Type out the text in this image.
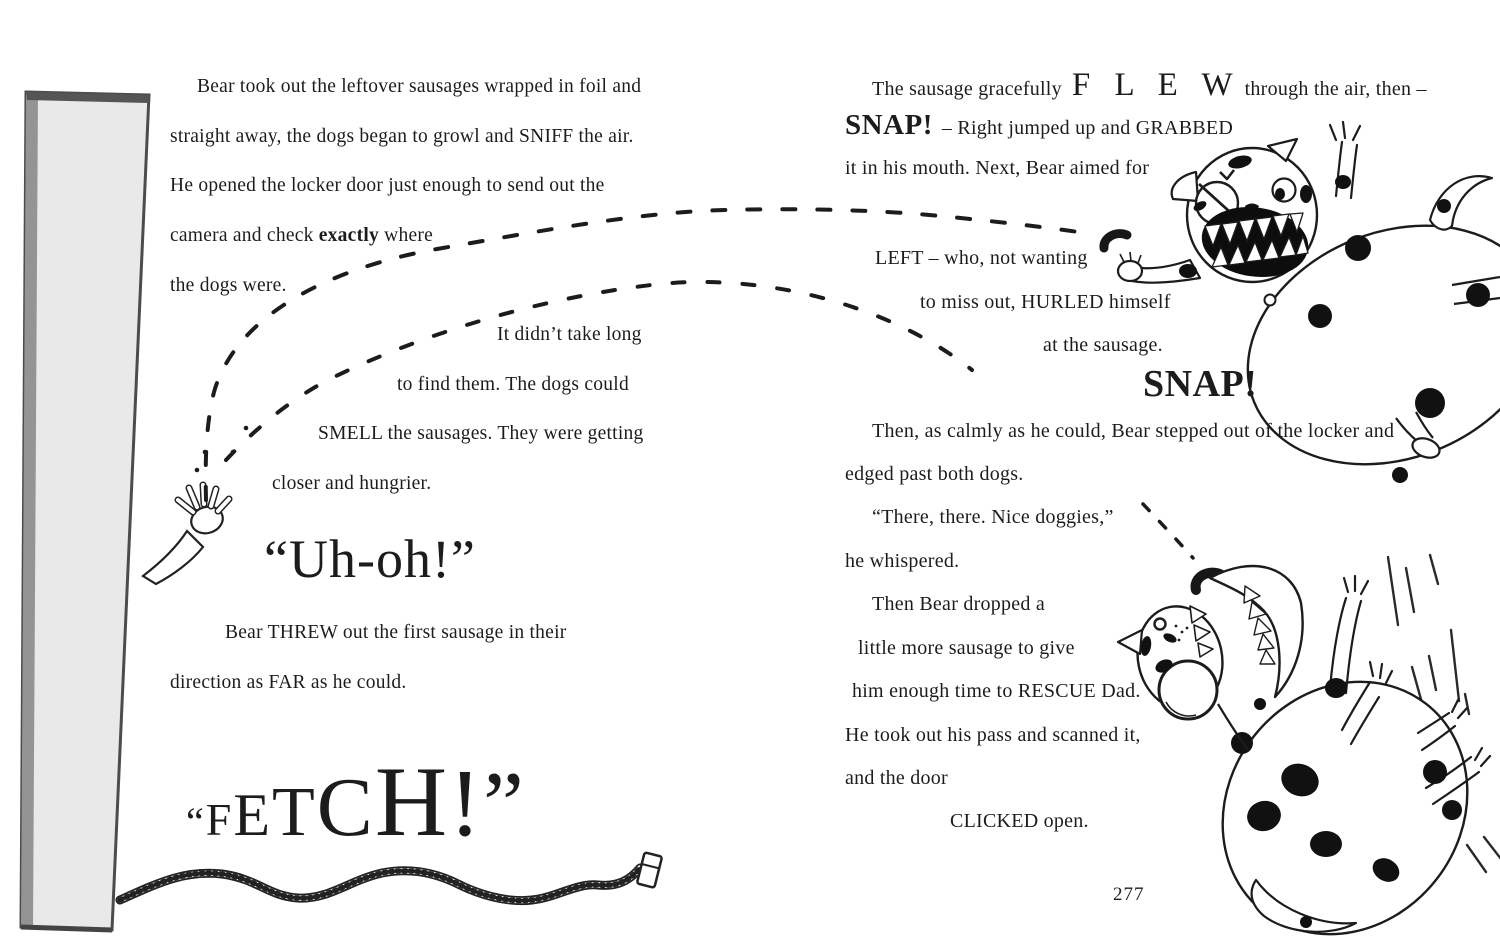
Bear took out the leftover sausages wrapped in foil and
straight away, the dogs began to growl and SNIFF the air.
He opened the locker door just enough to send out the
camera and check exactly where
the dogs were.
It didn’t take long
to find them. The dogs could
SMELL the sausages. They were getting
closer and hungrier.
“Uh-oh!”
Bear THREW out the first sausage in their
direction as FAR as he could.
“FETCH!”
The sausage gracefully F L E W through the air, then –
SNAP! – Right jumped up and GRABBED
it in his mouth. Next, Bear aimed for
LEFT – who, not wanting
to miss out, HURLED himself
at the sausage.
SNAP!
Then, as calmly as he could, Bear stepped out of the locker and
edged past both dogs.
“There, there. Nice doggies,”
he whispered.
Then Bear dropped a
little more sausage to give
him enough time to RESCUE Dad.
He took out his pass and scanned it,
and the door
CLICKED open.
277
